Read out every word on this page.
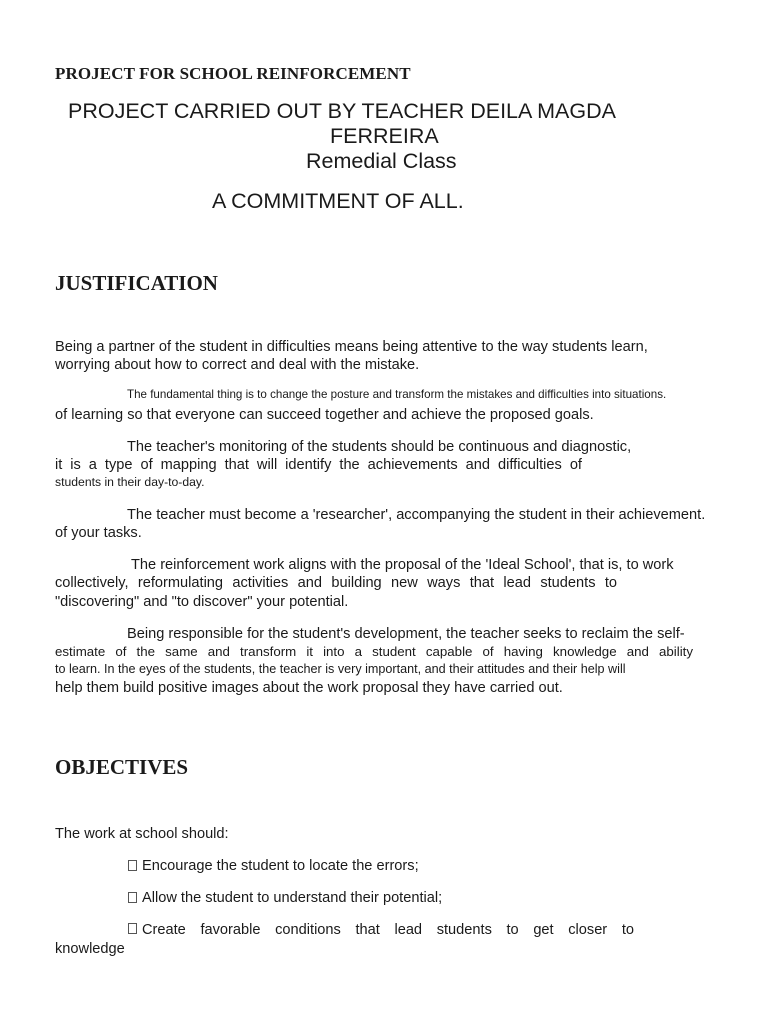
PROJECT FOR SCHOOL REINFORCEMENT
PROJECT CARRIED OUT BY TEACHER DEILA MAGDA
FERREIRA
Remedial Class
A COMMITMENT OF ALL.
JUSTIFICATION
Being a partner of the student in difficulties means being attentive to the way students learn,
worrying about how to correct and deal with the mistake.
The fundamental thing is to change the posture and transform the mistakes and difficulties into situations.
of learning so that everyone can succeed together and achieve the proposed goals.
The teacher's monitoring of the students should be continuous and diagnostic,
it is a type of mapping that will identify the achievements and difficulties of
students in their day-to-day.
The teacher must become a 'researcher', accompanying the student in their achievement.
of your tasks.
The reinforcement work aligns with the proposal of the 'Ideal School', that is, to work
collectively, reformulating activities and building new ways that lead students to
"discovering" and "to discover" your potential.
Being responsible for the student's development, the teacher seeks to reclaim the self-
estimate of the same and transform it into a student capable of having knowledge and ability
to learn. In the eyes of the students, the teacher is very important, and their attitudes and their help will
help them build positive images about the work proposal they have carried out.
OBJECTIVES
The work at school should:
Encourage the student to locate the errors;
Allow the student to understand their potential;
Create favorable conditions that lead students to get closer to
knowledge
